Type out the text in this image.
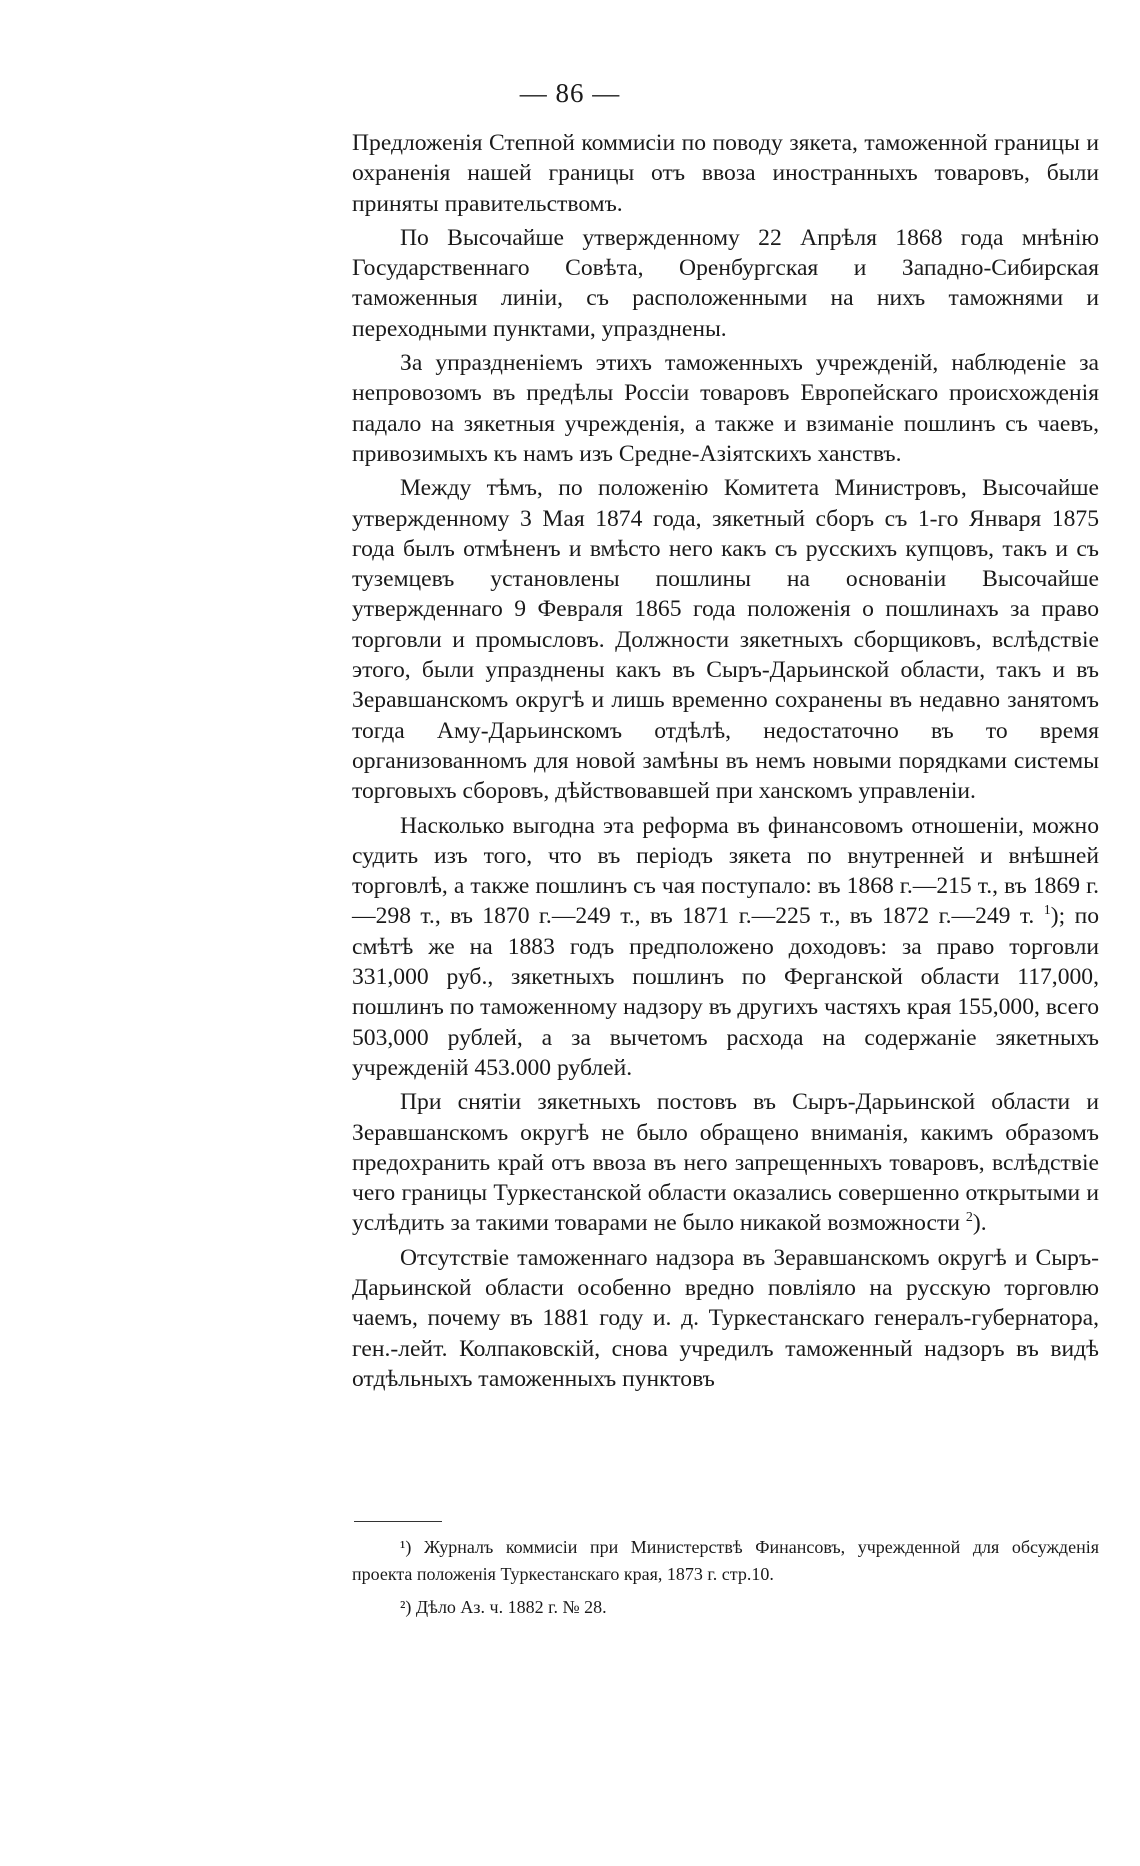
— 86 —

Предложенія Степной коммисіи по поводу зякета, таможенной границы и охраненія нашей границы отъ ввоза иностранныхъ товаровъ, были приняты правительствомъ.

По Высочайше утвержденному 22 Апрѣля 1868 года мнѣнію Государственнаго Совѣта, Оренбургская и Западно-Сибирская таможенныя линіи, съ расположенными на нихъ таможнями и переходными пунктами, упразднены.

За упраздненіемъ этихъ таможенныхъ учрежденій, наблюденіе за непровозомъ въ предѣлы Россіи товаровъ Европейскаго происхожденія падало на зякетныя учрежденія, а также и взиманіе пошлинъ съ чаевъ, привозимыхъ къ намъ изъ Средне-Азіятскихъ ханствъ.

Между тѣмъ, по положенію Комитета Министровъ, Высочайше утвержденному 3 Мая 1874 года, зякетный сборъ съ 1-го Января 1875 года былъ отмѣненъ и вмѣсто него какъ съ русскихъ купцовъ, такъ и съ туземцевъ установлены пошлины на основаніи Высочайше утвержденнаго 9 Февраля 1865 года положенія о пошлинахъ за право торговли и промысловъ. Должности зякетныхъ сборщиковъ, вслѣдствіе этого, были упразднены какъ въ Сыръ-Дарьинской области, такъ и въ Зеравшанскомъ округѣ и лишь временно сохранены въ недавно занятомъ тогда Аму-Дарьинскомъ отдѣлѣ, недостаточно въ то время организованномъ для новой замѣны въ немъ новыми порядками системы торговыхъ сборовъ, дѣйствовавшей при ханскомъ управленіи.

Насколько выгодна эта реформа въ финансовомъ отношеніи, можно судить изъ того, что въ періодъ зякета по внутренней и внѣшней торговлѣ, а также пошлинъ съ чая поступало: въ 1868 г.—215 т., въ 1869 г.—298 т., въ 1870 г.—249 т., въ 1871 г.—225 т., въ 1872 г.—249 т. $^1$); по смѣтѣ же на 1883 годъ предположено доходовъ: за право торговли 331,000 руб., зякетныхъ пошлинъ по Ферганской области 117,000, пошлинъ по таможенному надзору въ другихъ частяхъ края 155,000, всего 503,000 рублей, а за вычетомъ расхода на содержаніе зякетныхъ учрежденій 453.000 рублей.

При снятіи зякетныхъ постовъ въ Сыръ-Дарьинской области и Зеравшанскомъ округѣ не было обращено вниманія, какимъ образомъ предохранить край отъ ввоза въ него запрещенныхъ товаровъ, вслѣдствіе чего границы Туркестанской области оказались совершенно открытыми и услѣдить за такими товарами не было никакой возможности $^2$).

Отсутствіе таможеннаго надзора въ Зеравшанскомъ округѣ и Сыръ-Дарьинской области особенно вредно повліяло на русскую торговлю чаемъ, почему въ 1881 году и. д. Туркестанскаго генералъ-губернатора, ген.-лейт. Колпаковскій, снова учредилъ таможенный надзоръ въ видѣ отдѣльныхъ таможенныхъ пунктовъ

¹) Журналъ коммисіи при Министерствѣ Финансовъ, учрежденной для обсужденія проекта положенія Туркестанскаго края, 1873 г. стр.10.

²) Дѣло Аз. ч. 1882 г. № 28.
